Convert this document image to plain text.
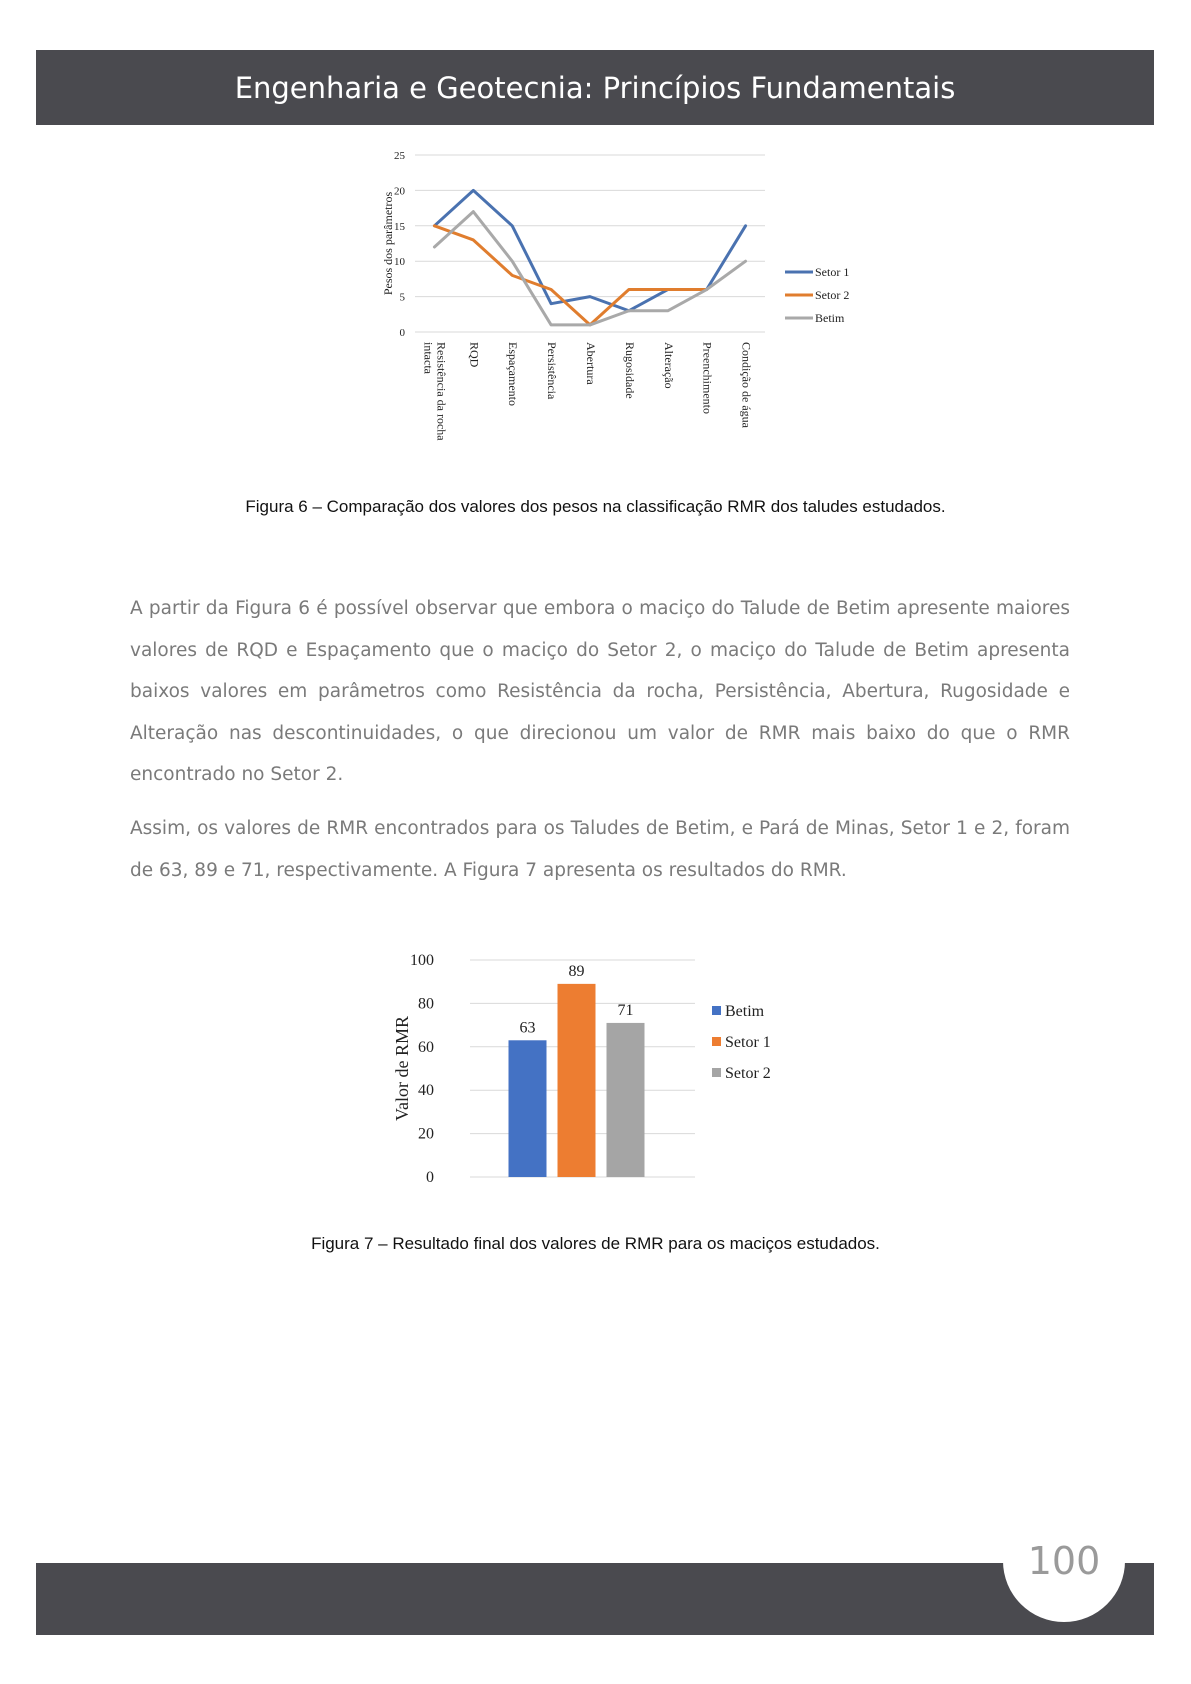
Engenharia e Geotecnia: Princípios Fundamentais
0
5
10
15
20
25
Pesos dos parâmetros
Resistência da rochaintacta	RQD Espaçamento Persistência Abertura Rugosidade Alteração Preenchimento Condição de água
Setor 1
Setor 2
Betim
Figura 6 – Comparação dos valores dos pesos na classificação RMR dos taludes estudados.

A partir da Figura 6 é possível observar que embora o maciço do Talude de Betim apresente maiores valores de RQD e Espaçamento que o maciço do Setor 2, o maciço do Talude de Betim apresenta baixos valores em parâmetros como Resistência da rocha, Persistência, Abertura, Rugosidade e Alteração nas descontinuidades, o que direcionou um valor de RMR mais baixo do que o RMR encontrado no Setor 2.

Assim, os valores de RMR encontrados para os Taludes de Betim, e Pará de Minas, Setor 1 e 2, foram de 63, 89 e 71, respectivamente. A Figura 7 apresenta os resultados do RMR.

0
20
40
60
80
100
Valor de RMR	63
89
71	Betim
Setor 1
Setor 2
Figura 7 – Resultado final dos valores de RMR para os maciços estudados.
100
